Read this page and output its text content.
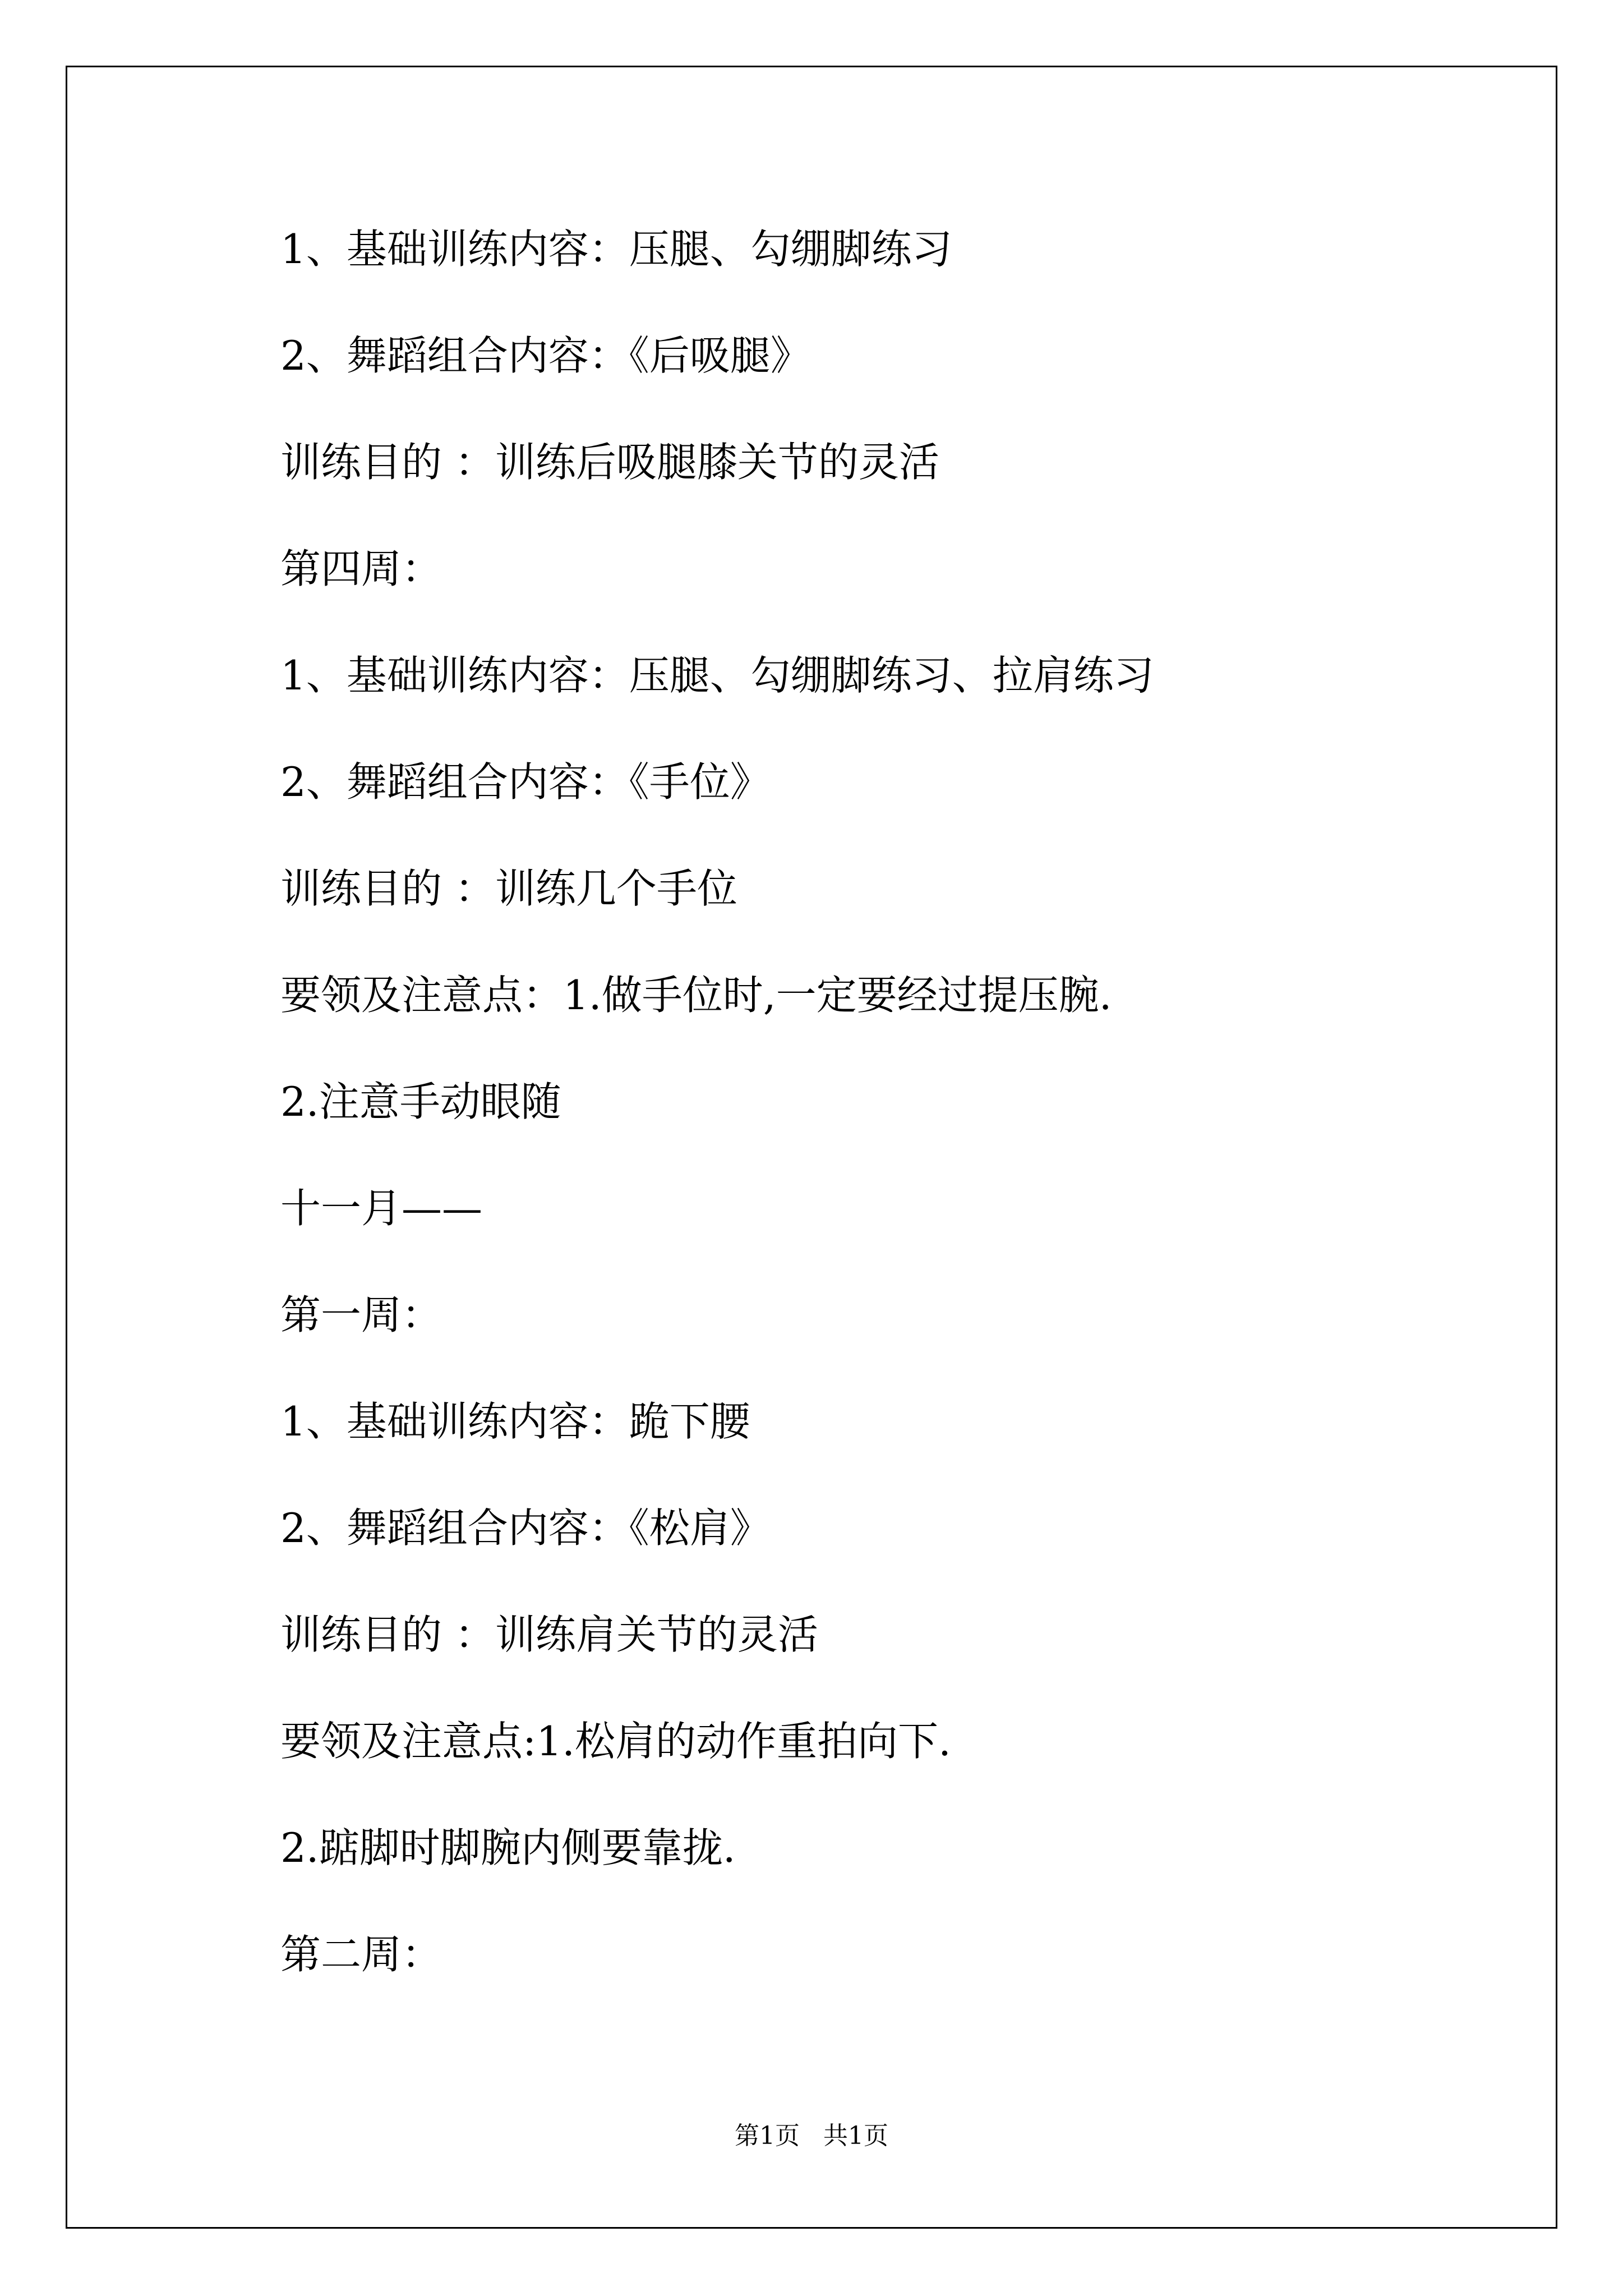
1、基础训练内容：压腿、勾绷脚练习
2、舞蹈组合内容：《后吸腿》
训练目的 ：训练后吸腿膝关节的灵活
第四周：
1、基础训练内容：压腿、勾绷脚练习、拉肩练习
2、舞蹈组合内容：《手位》
训练目的 ：训练几个手位
要领及注意点：1.做手位时,一定要经过提压腕.
2.注意手动眼随
十一月——
第一周：
1、基础训练内容：跪下腰
2、舞蹈组合内容：《松肩》
训练目的 ：训练肩关节的灵活
要领及注意点:1.松肩的动作重拍向下.
2.踮脚时脚腕内侧要靠拢.
第二周：
第1页   共1页
